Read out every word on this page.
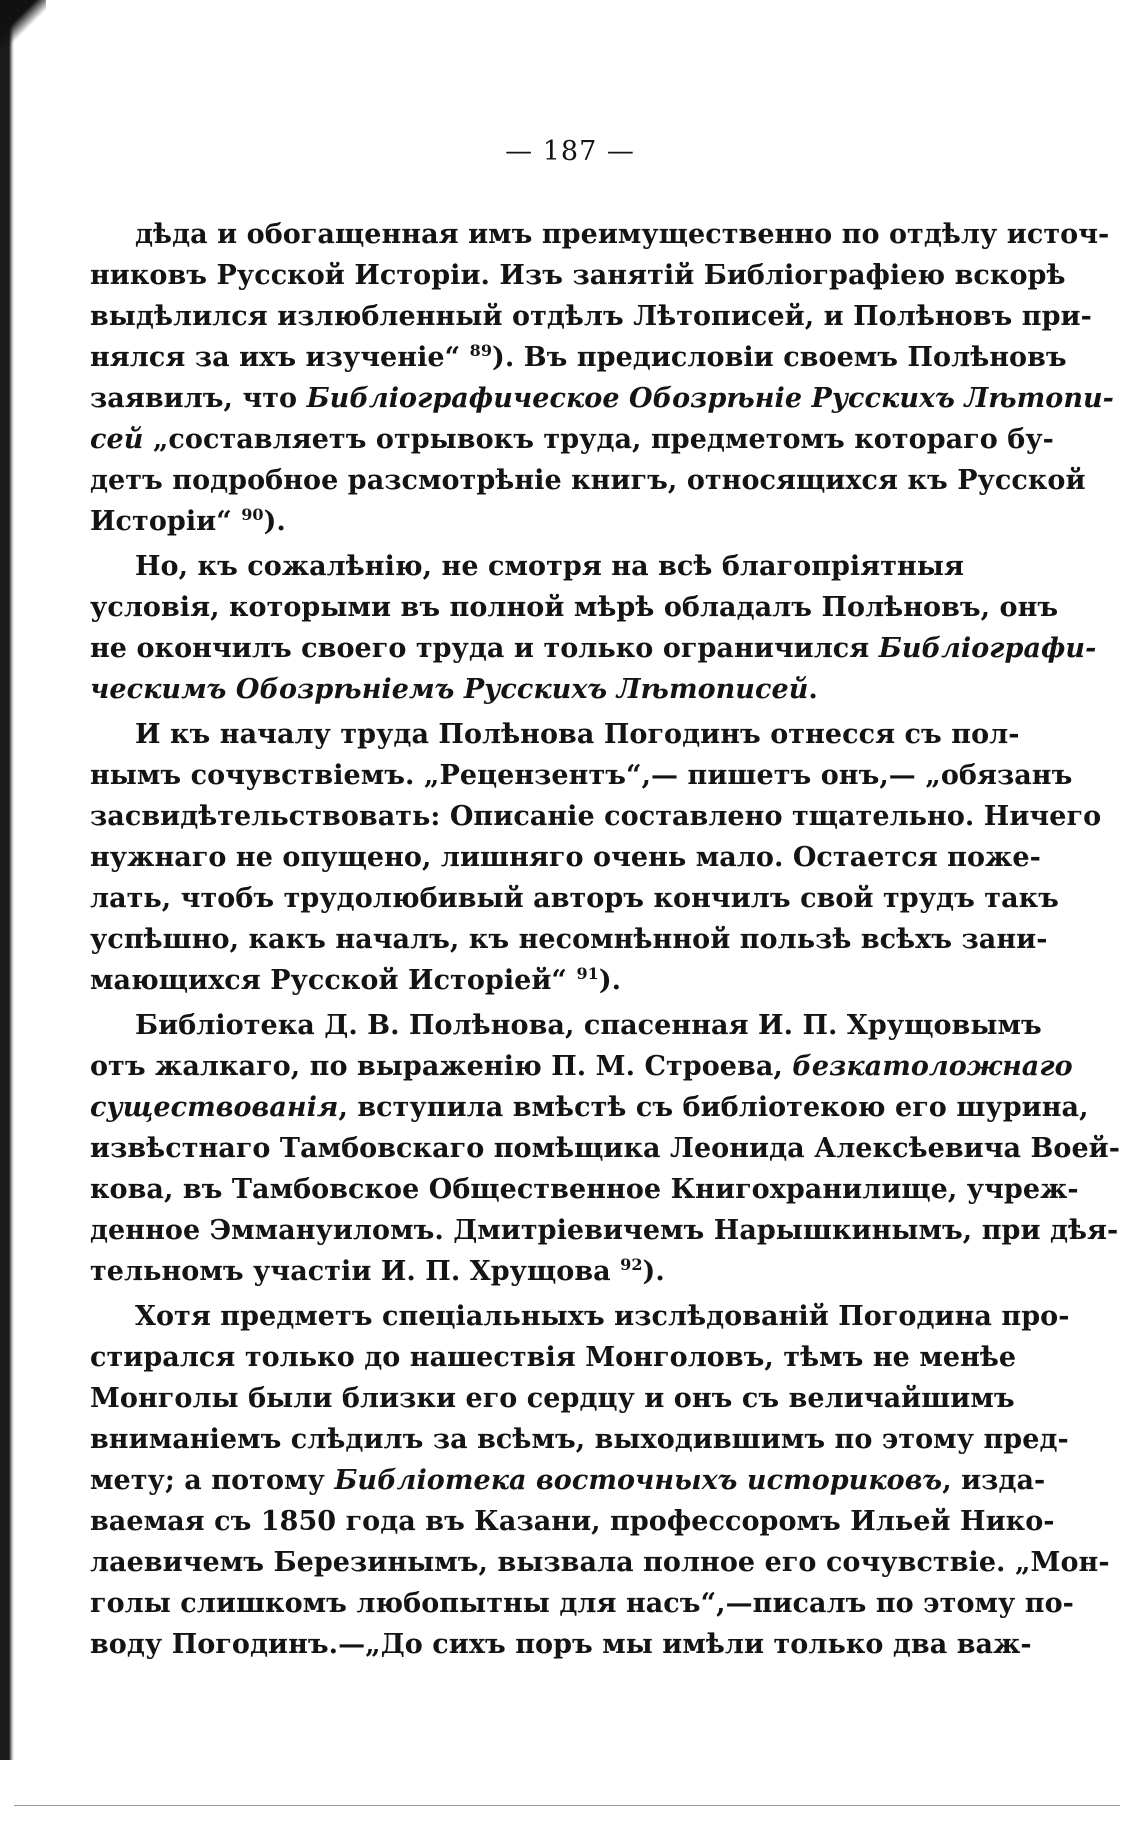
— 187 —
дѣда и обогащенная имъ преимущественно по отдѣлу источ-
никовъ Русской Исторіи. Изъ занятій Библіографіею вскорѣ
выдѣлился излюбленный отдѣлъ Лѣтописей, и Полѣновъ при-
нялся за ихъ изученіе“ $^{89}$). Въ предисловіи своемъ Полѣновъ
заявилъ, что Библіографическое Обозрѣніе Русскихъ Лѣтопи-
сей „составляетъ отрывокъ труда, предметомъ котораго бу-
детъ подробное разсмотрѣніе книгъ, относящихся къ Русской
Исторіи“ $^{90}$).
Но, къ сожалѣнію, не смотря на всѣ благопріятныя
условія, которыми въ полной мѣрѣ обладалъ Полѣновъ, онъ
не окончилъ своего труда и только ограничился Библіографи-
ческимъ Обозрѣніемъ Русскихъ Лѣтописей.
И къ началу труда Полѣнова Погодинъ отнесся съ пол-
нымъ сочувствіемъ. „Рецензентъ“,— пишетъ онъ,— „обязанъ
засвидѣтельствовать: Описаніе составлено тщательно. Ничего
нужнаго не опущено, лишняго очень мало. Остается поже-
лать, чтобъ трудолюбивый авторъ кончилъ свой трудъ такъ
успѣшно, какъ началъ, къ несомнѣнной пользѣ всѣхъ зани-
мающихся Русской Исторіей“ $^{91}$).
Библіотека Д. В. Полѣнова, спасенная И. П. Хрущовымъ
отъ жалкаго, по выраженію П. М. Строева, безкатоложнаго
существованія, вступила вмѣстѣ съ библіотекою его шурина,
извѣстнаго Тамбовскаго помѣщика Леонида Алексѣевича Воей-
кова, въ Тамбовское Общественное Книгохранилище, учреж-
денное Эммануиломъ. Дмитріевичемъ Нарышкинымъ, при дѣя-
тельномъ участіи И. П. Хрущова $^{92}$).
Хотя предметъ спеціальныхъ изслѣдованій Погодина про-
стирался только до нашествія Монголовъ, тѣмъ не менѣе
Монголы были близки его сердцу и онъ съ величайшимъ
вниманіемъ слѣдилъ за всѣмъ, выходившимъ по этому пред-
мету; а потому Библіотека восточныхъ историковъ, изда-
ваемая съ 1850 года въ Казани, профессоромъ Ильей Нико-
лаевичемъ Березинымъ, вызвала полное его сочувствіе. „Мон-
голы слишкомъ любопытны для насъ“,—писалъ по этому по-
воду Погодинъ.—„До сихъ поръ мы имѣли только два важ-
